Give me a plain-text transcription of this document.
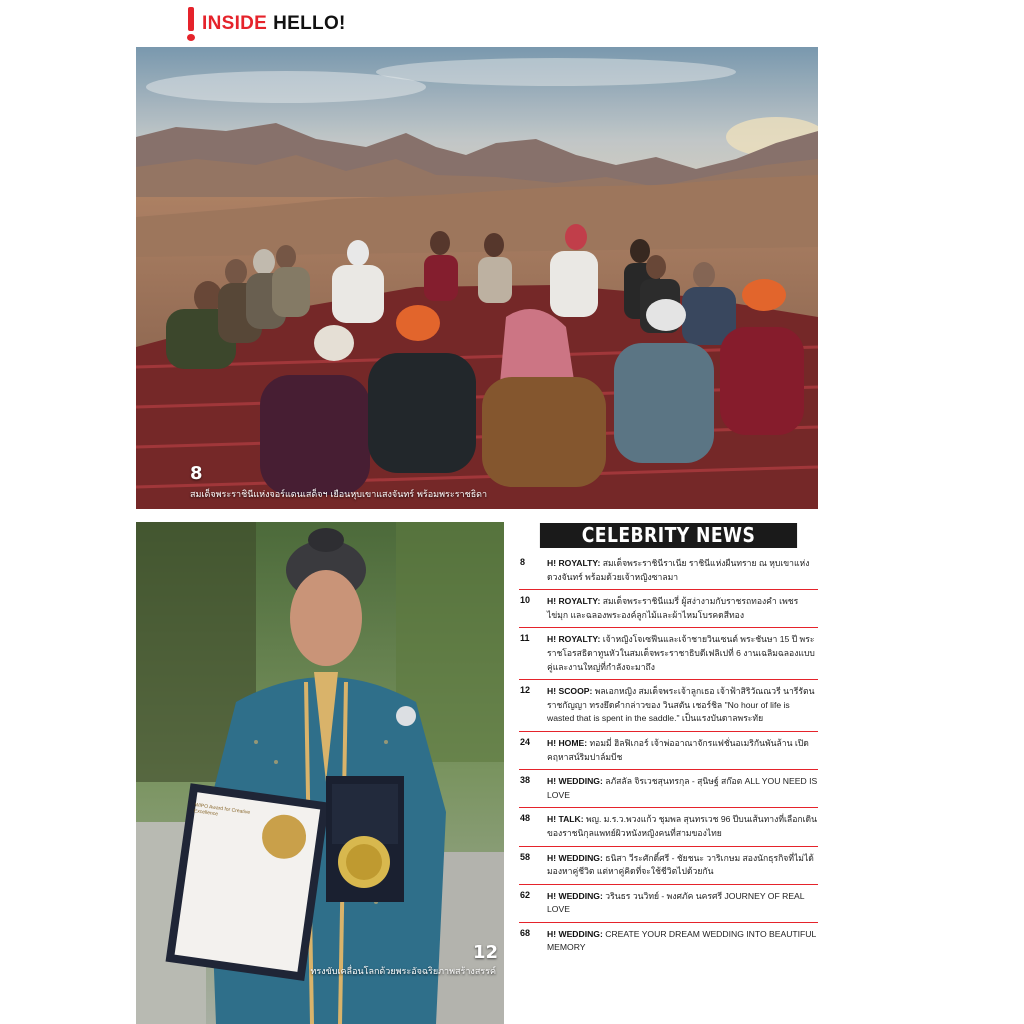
INSIDE HELLO!
8
สมเด็จพระราชินีแห่งจอร์แดนเสด็จฯ เยือนหุบเขาแสงจันทร์ พร้อมพระราชธิดา
12
ทรงขับเคลื่อนโลกด้วยพระอัจฉริยภาพสร้างสรรค์
WIPO Award for Creative Excellence
CELEBRITY NEWS
8	H! ROYALTY: สมเด็จพระราชินีราเนีย ราชินีแห่งผืนทราย ณ หุบเขาแห่งดวงจันทร์ พร้อมด้วยเจ้าหญิงซาลมา
10	H! ROYALTY: สมเด็จพระราชินีแมรี่ ผู้สง่างามกับราชรถทองคำ เพชรไข่มุก และฉลองพระองค์ลูกไม้และผ้าไหมโบรคดสีทอง
11	H! ROYALTY: เจ้าหญิงโจเซฟีนและเจ้าชายวินเซนต์ พระชันษา 15 ปี พระราชโอรสธิดาทูนหัวในสมเด็จพระราชาธิบดีเฟลิเปที่ 6 งานเฉลิมฉลองแบบคู่และงานใหญ่ที่กำลังจะมาถึง
12	H! SCOOP: พลเอกหญิง สมเด็จพระเจ้าลูกเธอ เจ้าฟ้าสิริวัณณวรี นารีรัตนราชกัญญา ทรงยึดคำกล่าวของ วินสตัน เชอร์ชิล "No hour of life is wasted that is spent in the saddle." เป็นแรงบันดาลพระทัย
24	H! HOME: ทอมมี่ ฮิลฟิเกอร์ เจ้าพ่ออาณาจักรแฟชั่นอเมริกันพันล้าน เปิดคฤหาสน์ริมปาล์มบีช
38	H! WEDDING: ลภัสลัล จิรเวชสุนทรกุล - สุนิษฐ์ สก๊อต ALL YOU NEED IS LOVE
48	H! TALK: พญ. ม.ร.ว.พวงแก้ว ชุมพล สุนทรเวช 96 ปีบนเส้นทางที่เลือกเดินของราชนิกุลแพทย์ผิวหนังหญิงคนที่สามของไทย
58	H! WEDDING: ธนิสา วีระศักดิ์ศรี - ชัยชนะ วาริเกษม สองนักธุรกิจที่ไม่ได้มองหาคู่ชีวิต แต่หาคู่คิดที่จะใช้ชีวิตไปด้วยกัน
62	H! WEDDING: วรินธร วนวิทย์ - พงศภัค นครศรี JOURNEY OF REAL LOVE
68	H! WEDDING: CREATE YOUR DREAM WEDDING INTO BEAUTIFUL MEMORY
